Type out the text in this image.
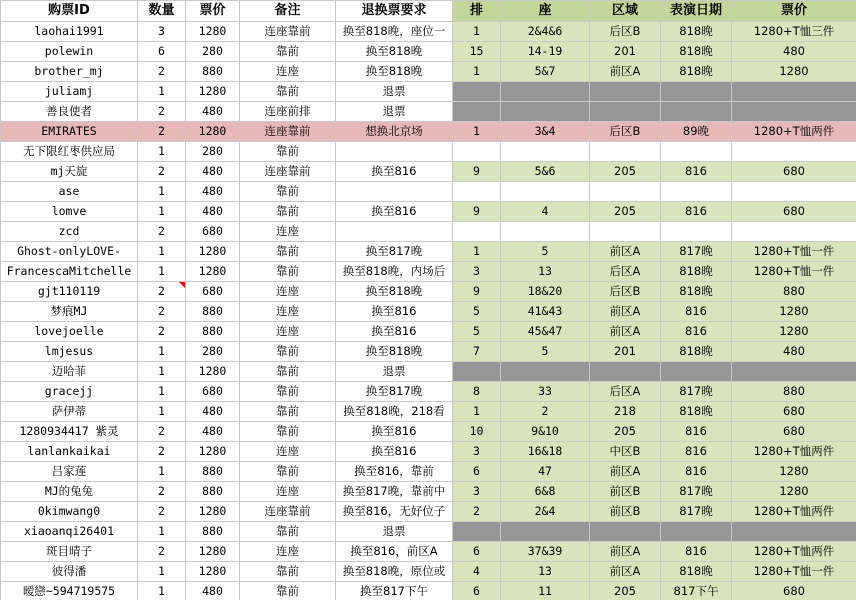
购票ID	数量	票价	备注	退换票要求	排	座	区域	表演日期	票价
laohai1991	3	1280	连座靠前	换至818晚，座位一	1	2&4&6	后区B	818晚	1280+T恤三件
polewin	6	280	靠前	换至818晚	15	14-19	201	818晚	480
brother_mj	2	880	连座	换至818晚	1	5&7	前区A	818晚	1280
juliamj	1	1280	靠前	退票					
善良使者	2	480	连座前排	退票					
EMIRATES	2	1280	连座靠前	想换北京场	1	3&4	后区B	89晚	1280+T恤两件
无下限红枣供应局	1	280	靠前						
mj天旋	2	480	连座靠前	换至816	9	5&6	205	816	680
ase	1	480	靠前						
lomve	1	480	靠前	换至816	9	4	205	816	680
zcd	2	680	连座						
Ghost-onlyLOVE-	1	1280	靠前	换至817晚	1	5	前区A	817晚	1280+T恤一件
FrancescaMitchelle	1	1280	靠前	换至818晚，内场后	3	13	后区A	818晚	1280+T恤一件
gjt110119	2	680	连座	换至818晚	9	18&20	后区B	818晚	880
梦痕MJ	2	880	连座	换至816	5	41&43	前区A	816	1280
lovejoelle	2	880	连座	换至816	5	45&47	前区A	816	1280
lmjesus	1	280	靠前	换至818晚	7	5	201	818晚	480
迈哈菲	1	1280	靠前	退票					
gracejj	1	680	靠前	换至817晚	8	33	后区A	817晚	880
萨伊蒂	1	480	靠前	换至818晚，218看	1	2	218	818晚	680
1280934417 紫灵	2	480	靠前	换至816	10	9&10	205	816	680
lanlankaikai	2	1280	连座	换至816	3	16&18	中区B	816	1280+T恤两件
吕家莲	1	880	靠前	换至816，靠前	6	47	前区A	816	1280
MJ的兔兔	2	880	连座	换至817晚，靠前中	3	6&8	前区B	817晚	1280
0kimwang0	2	1280	连座靠前	换至816，无好位子	2	2&4	前区B	817晚	1280+T恤两件
xiaoanqi26401	1	880	靠前	退票					
斑目晴子	2	1280	连座	换至816，前区A	6	37&39	前区A	816	1280+T恤两件
彼得潘	1	1280	靠前	换至818晚，原位或	4	13	前区A	818晚	1280+T恤一件
暧戀~594719575	1	480	靠前	换至817下午	6	11	205	817下午	680
